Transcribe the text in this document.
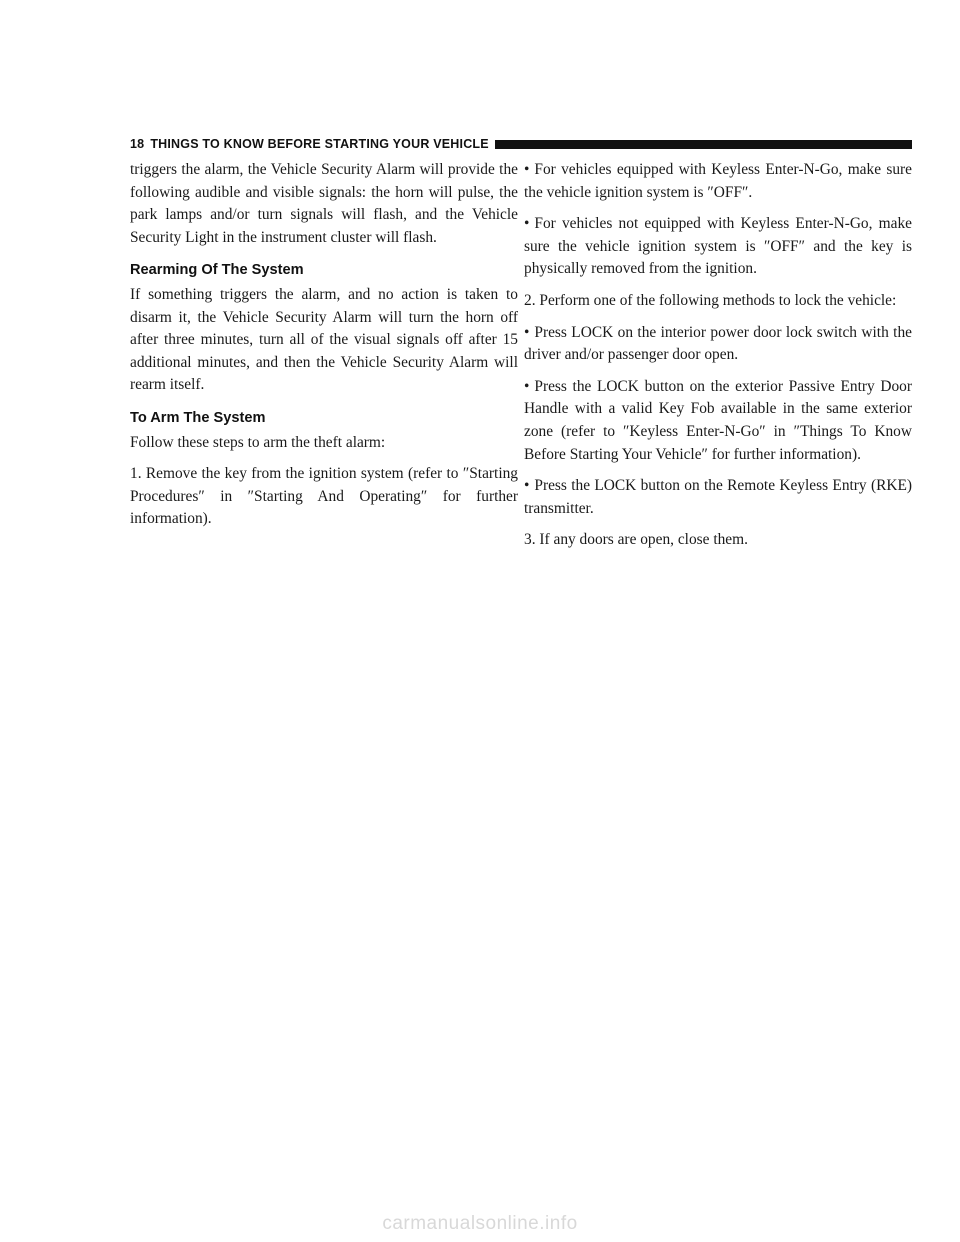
18 THINGS TO KNOW BEFORE STARTING YOUR VEHICLE

triggers the alarm, the Vehicle Security Alarm will provide the following audible and visible signals: the horn will pulse, the park lamps and/or turn signals will flash, and the Vehicle Security Light in the instrument cluster will flash.

Rearming Of The System

If something triggers the alarm, and no action is taken to disarm it, the Vehicle Security Alarm will turn the horn off after three minutes, turn all of the visual signals off after 15 additional minutes, and then the Vehicle Security Alarm will rearm itself.

To Arm The System

Follow these steps to arm the theft alarm:

1. Remove the key from the ignition system (refer to ″Starting Procedures″ in ″Starting And Operating″ for further information).

• For vehicles equipped with Keyless Enter-N-Go, make sure the vehicle ignition system is ″OFF″.

• For vehicles not equipped with Keyless Enter-N-Go, make sure the vehicle ignition system is ″OFF″ and the key is physically removed from the ignition.

2. Perform one of the following methods to lock the vehicle:

• Press LOCK on the interior power door lock switch with the driver and/or passenger door open.

• Press the LOCK button on the exterior Passive Entry Door Handle with a valid Key Fob available in the same exterior zone (refer to ″Keyless Enter-N-Go″ in ″Things To Know Before Starting Your Vehicle″ for further information).

• Press the LOCK button on the Remote Keyless Entry (RKE) transmitter.

3. If any doors are open, close them.

carmanualsonline.info
